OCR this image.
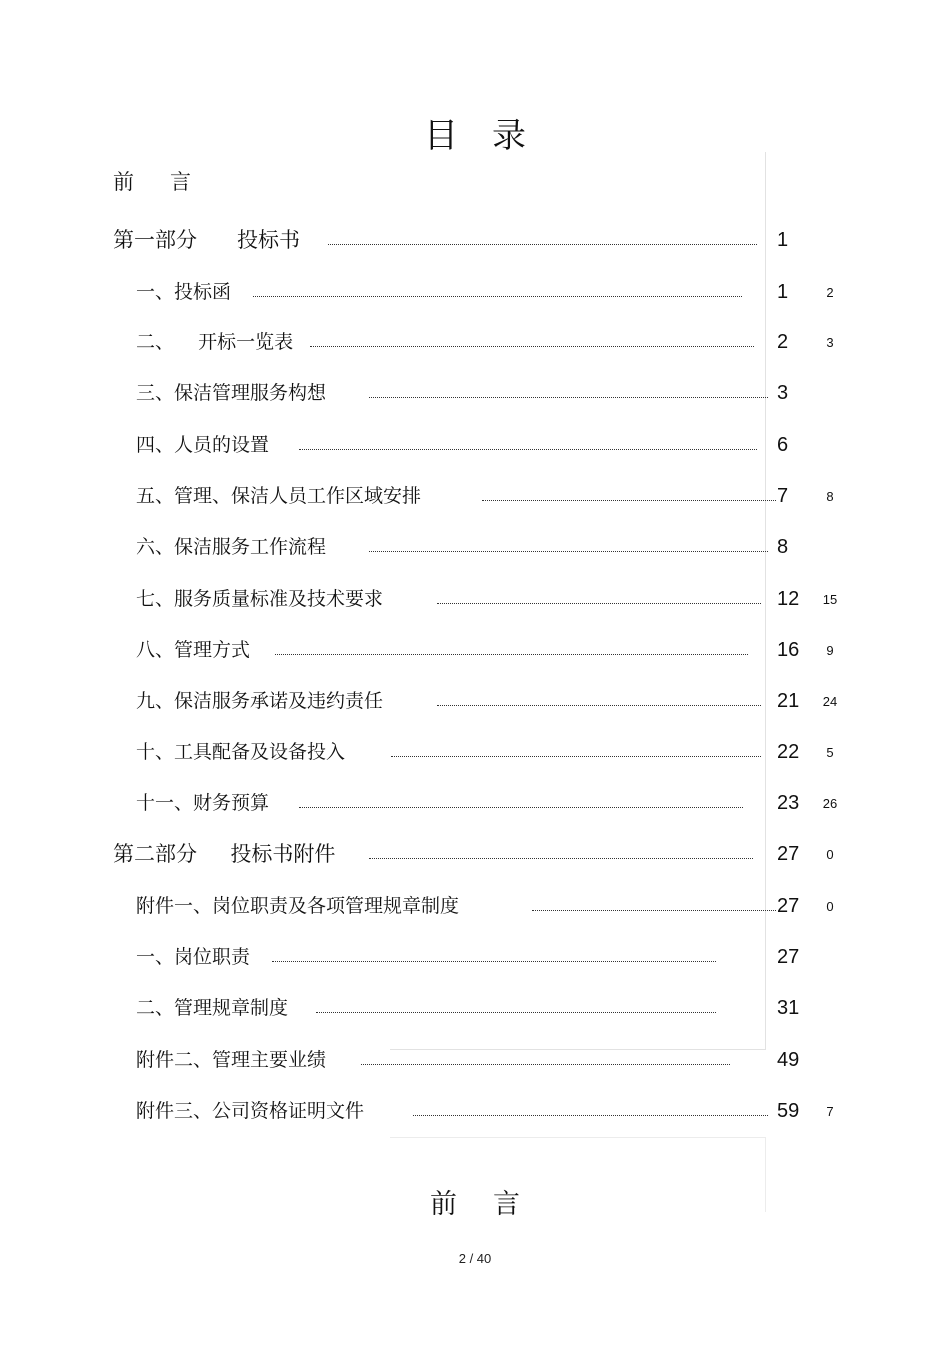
目录
前言
第一部分      投标书	1
一、投标函	1	2
二、    开标一览表	2	3
三、保洁管理服务构想	3
四、人员的设置	6
五、管理、保洁人员工作区域安排	7	8
六、保洁服务工作流程	8
七、服务质量标准及技术要求	12 15
八、管理方式	16	9
九、保洁服务承诺及违约责任	21 24
十、工具配备及设备投入	22	5
十一、财务预算	23 26
第二部分     投标书附件	27	0
附件一、岗位职责及各项管理规章制度	27	0
一、岗位职责	27
二、管理规章制度	31
附件二、管理主要业绩	49
附件三、公司资格证明文件	59	7
前言
2 / 40
